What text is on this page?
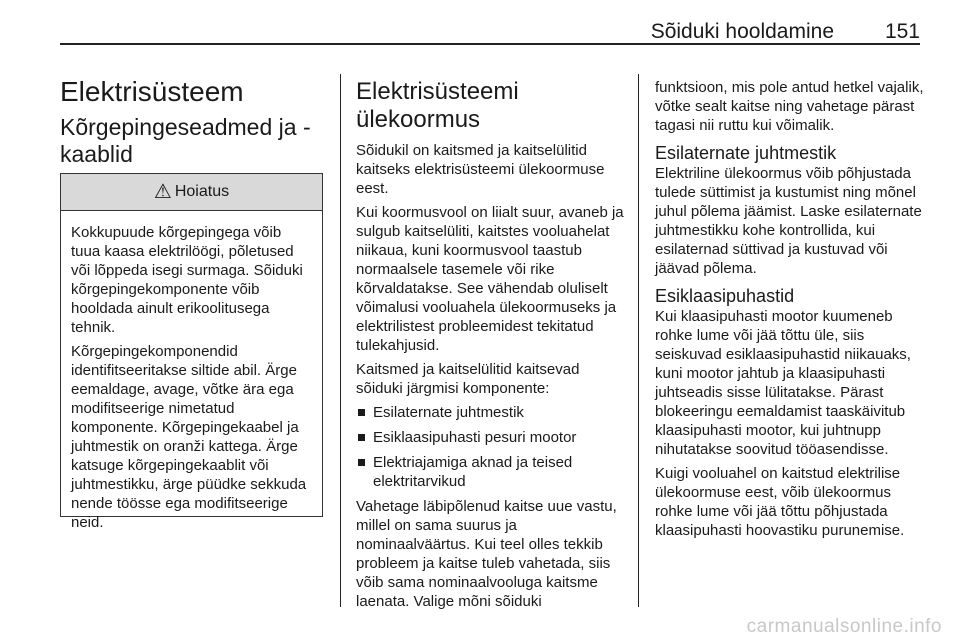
Sõiduki hooldamine 151
Elektrisüsteem
Kõrgepingeseadmed ja -kaablid
⚠ Hoiatus

Kokkupuude kõrgepingega võib tuua kaasa elektrilöögi, põletused või lõppeda isegi surmaga. Sõiduki kõrgepingekomponente võib hooldada ainult erikoolitusega tehnik.

Kõrgepingekomponendid identifitseeritakse siltide abil. Ärge eemaldage, avage, võtke ära ega modifitseerige nimetatud komponente. Kõrgepingekaabel ja juhtmestik on oranži kattega. Ärge katsuge kõrgepingekaablit või juhtmestikku, ärge püüdke sekkuda nende töösse ega modifitseerige neid.

Elektrisüsteemi ülekoormus

Sõidukil on kaitsmed ja kaitselülitid kaitseks elektrisüsteemi ülekoormuse eest.

Kui koormusvool on liialt suur, avaneb ja sulgub kaitselüliti, kaitstes vooluahelat niikaua, kuni koormusvool taastub normaalsele tasemele või rike kõrvaldatakse. See vähendab oluliselt võimalusi vooluahela ülekoormuseks ja elektrilistest probleemidest tekitatud tulekahjusid.

Kaitsmed ja kaitselülitid kaitsevad sõiduki järgmisi komponente:

Esilaternate juhtmestik
Esiklaasipuhasti pesuri mootor
Elektriajamiga aknad ja teised elektritarvikud

Vahetage läbipõlenud kaitse uue vastu, millel on sama suurus ja nominaalväärtus. Kui teel olles tekkib probleem ja kaitse tuleb vahetada, siis võib sama nominaalvooluga kaitsme laenata. Valige mõni sõiduki

funktsioon, mis pole antud hetkel vajalik, võtke sealt kaitse ning vahetage pärast tagasi nii ruttu kui võimalik.

Esilaternate juhtmestik

Elektriline ülekoormus võib põhjustada tulede süttimist ja kustumist ning mõnel juhul põlema jäämist. Laske esilaternate juhtmestikku kohe kontrollida, kui esilaternad süttivad ja kustuvad või jäävad põlema.

Esiklaasipuhastid

Kui klaasipuhasti mootor kuumeneb rohke lume või jää tõttu üle, siis seiskuvad esiklaasipuhastid niikauaks, kuni mootor jahtub ja klaasipuhasti juhtseadis sisse lülitatakse. Pärast blokeeringu eemaldamist taaskäivitub klaasipuhasti mootor, kui juhtnupp nihutatakse soovitud tööasendisse.

Kuigi vooluahel on kaitstud elektrilise ülekoormuse eest, võib ülekoormus rohke lume või jää tõttu põhjustada klaasipuhasti hoovastiku purunemise.

carmanualsonline.info
